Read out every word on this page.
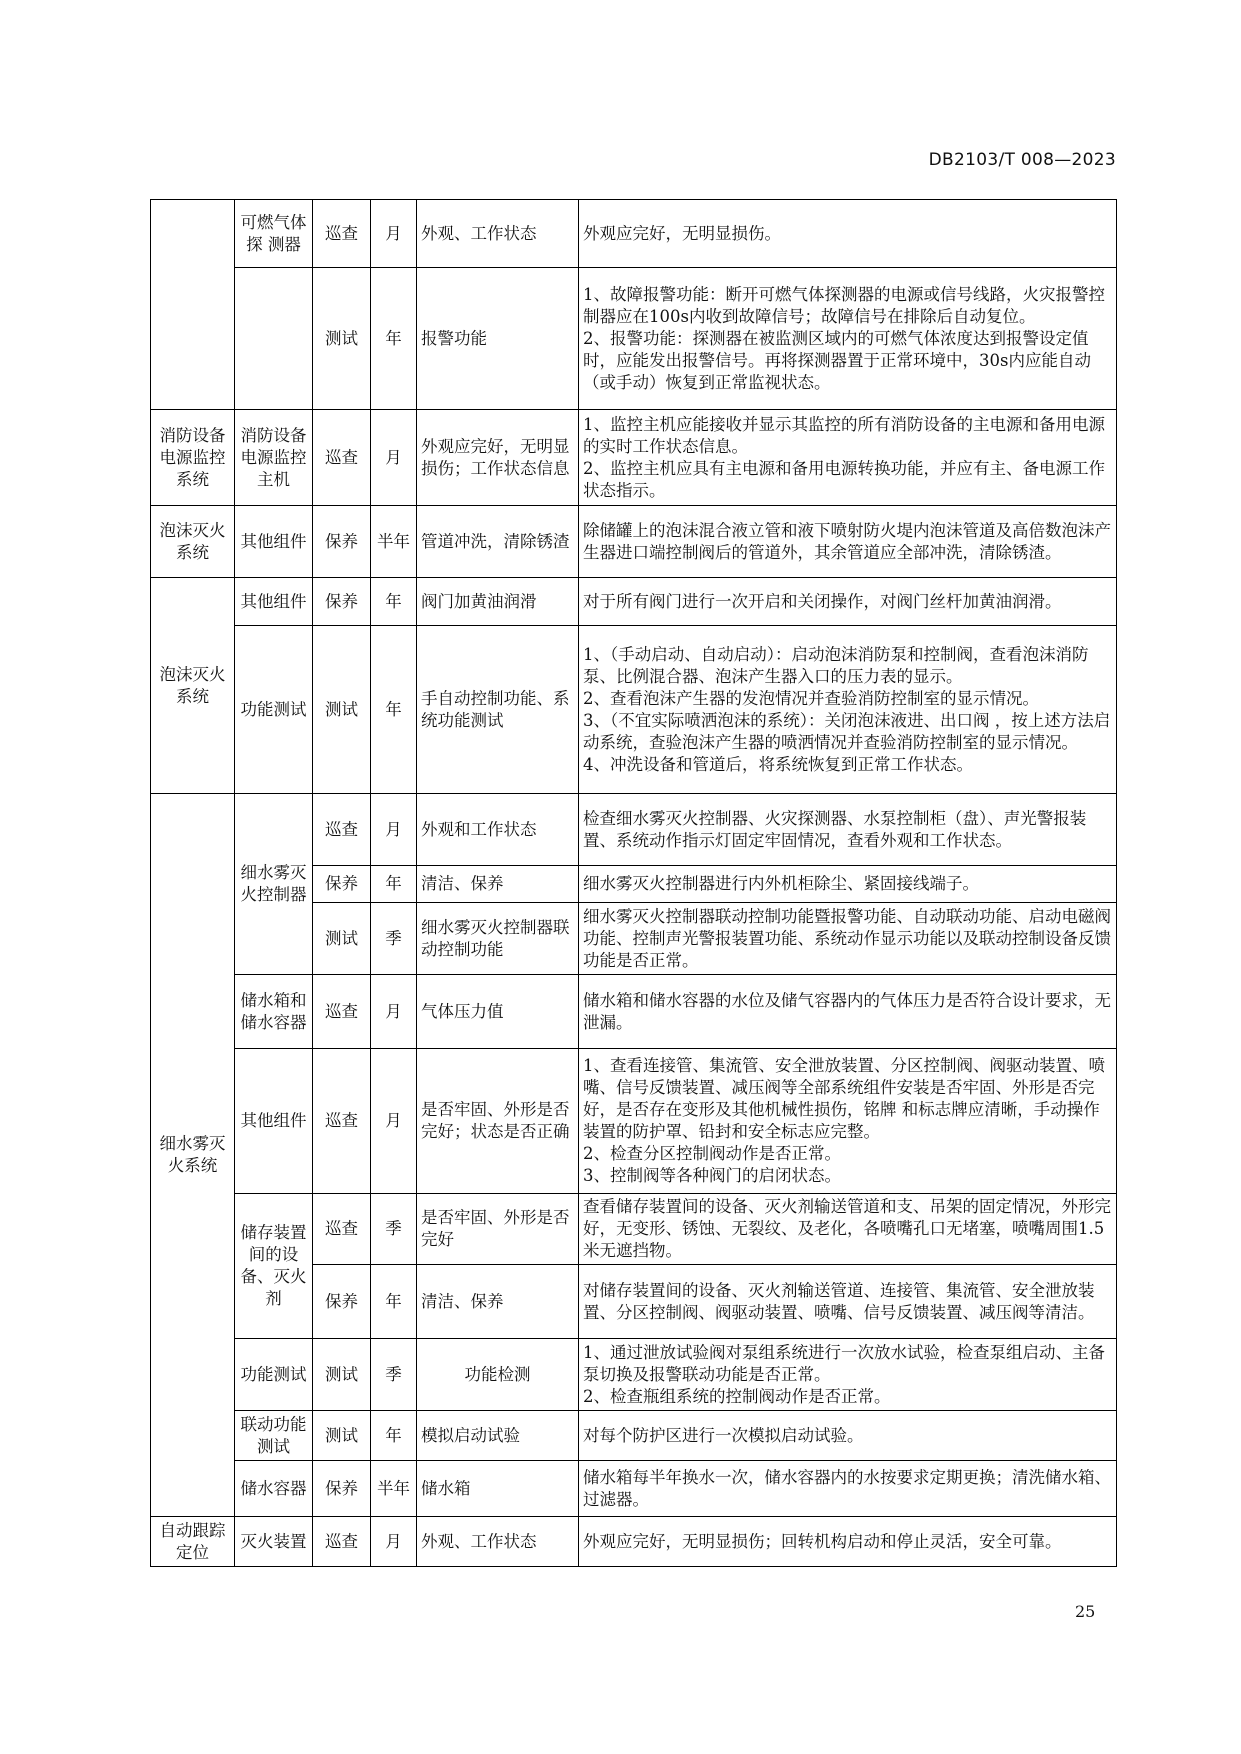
DB2103/T 008—2023
	可燃气体探 测器	巡查	月	外观、工作状态	外观应完好，无明显损伤。
		测试	年	报警功能	1、故障报警功能：断开可燃气体探测器的电源或信号线路，火灾报警控制器应在100s内收到故障信号；故障信号在排除后自动复位。
2、报警功能：探测器在被监测区域内的可燃气体浓度达到报警设定值时，应能发出报警信号。再将探测器置于正常环境中，30s内应能自动（或手动）恢复到正常监视状态。
消防设备电源监控系统	消防设备电源监控主机	巡查	月	外观应完好，无明显损伤；工作状态信息	1、监控主机应能接收并显示其监控的所有消防设备的主电源和备用电源的实时工作状态信息。
2、监控主机应具有主电源和备用电源转换功能，并应有主、备电源工作状态指示。
泡沫灭火系统	其他组件	保养	半年	管道冲洗，清除锈渣	除储罐上的泡沫混合液立管和液下喷射防火堤内泡沫管道及高倍数泡沫产生器进口端控制阀后的管道外，其余管道应全部冲洗，清除锈渣。
泡沫灭火系统	其他组件	保养	年	阀门加黄油润滑	对于所有阀门进行一次开启和关闭操作，对阀门丝杆加黄油润滑。
	功能测试	测试	年	手自动控制功能、系统功能测试	1、（手动启动、自动启动）：启动泡沫消防泵和控制阀，查看泡沫消防泵、比例混合器、泡沫产生器入口的压力表的显示。
2、查看泡沫产生器的发泡情况并查验消防控制室的显示情况。
3、（不宜实际喷洒泡沫的系统）：关闭泡沫液进、出口阀 ，按上述方法启动系统，查验泡沫产生器的喷洒情况并查验消防控制室的显示情况。
4、冲洗设备和管道后，将系统恢复到正常工作状态。
细水雾灭火系统	细水雾灭火控制器	巡查	月	外观和工作状态	检查细水雾灭火控制器、火灾探测器、水泵控制柜（盘）、声光警报装置、系统动作指示灯固定牢固情况，查看外观和工作状态。
		保养	年	清洁、保养	细水雾灭火控制器进行内外机柜除尘、紧固接线端子。
		测试	季	细水雾灭火控制器联 动控制功能	细水雾灭火控制器联动控制功能暨报警功能、自动联动功能、启动电磁阀功能、控制声光警报装置功能、系统动作显示功能以及联动控制设备反馈功能是否正常。
	储水箱和储水容器	巡查	月	气体压力值	储水箱和储水容器的水位及储气容器内的气体压力是否符合设计要求，无泄漏。
	其他组件	巡查	月	是否牢固、外形是否完好；状态是否正确	1、查看连接管、集流管、安全泄放装置、分区控制阀、阀驱动装置、喷嘴、信号反馈装置、减压阀等全部系统组件安装是否牢固、外形是否完好，是否存在变形及其他机械性损伤，铭牌 和标志牌应清晰，手动操作装置的防护罩、铅封和安全标志应完整。
2、检查分区控制阀动作是否正常。
3、控制阀等各种阀门的启闭状态。
	储存装置间的设备、灭火剂	巡查	季	是否牢固、外形是否完好	查看储存装置间的设备、灭火剂输送管道和支、吊架的固定情况，外形完好，无变形、锈蚀、无裂纹、及老化，各喷嘴孔口无堵塞，喷嘴周围1.5米无遮挡物。
		保养	年	清洁、保养	对储存装置间的设备、灭火剂输送管道、连接管、集流管、安全泄放装置、分区控制阀、阀驱动装置、喷嘴、信号反馈装置、减压阀等清洁。
	功能测试	测试	季	功能检测	1、通过泄放试验阀对泵组系统进行一次放水试验，检查泵组启动、主备泵切换及报警联动功能是否正常。
2、检查瓶组系统的控制阀动作是否正常。
	联动功能测试	测试	年	模拟启动试验	对每个防护区进行一次模拟启动试验。
	储水容器	保养	半年	储水箱	储水箱每半年换水一次，储水容器内的水按要求定期更换；清洗储水箱、过滤器。
自动跟踪定位	灭火装置	巡查	月	外观、工作状态	外观应完好，无明显损伤；回转机构启动和停止灵活，安全可靠。
25
